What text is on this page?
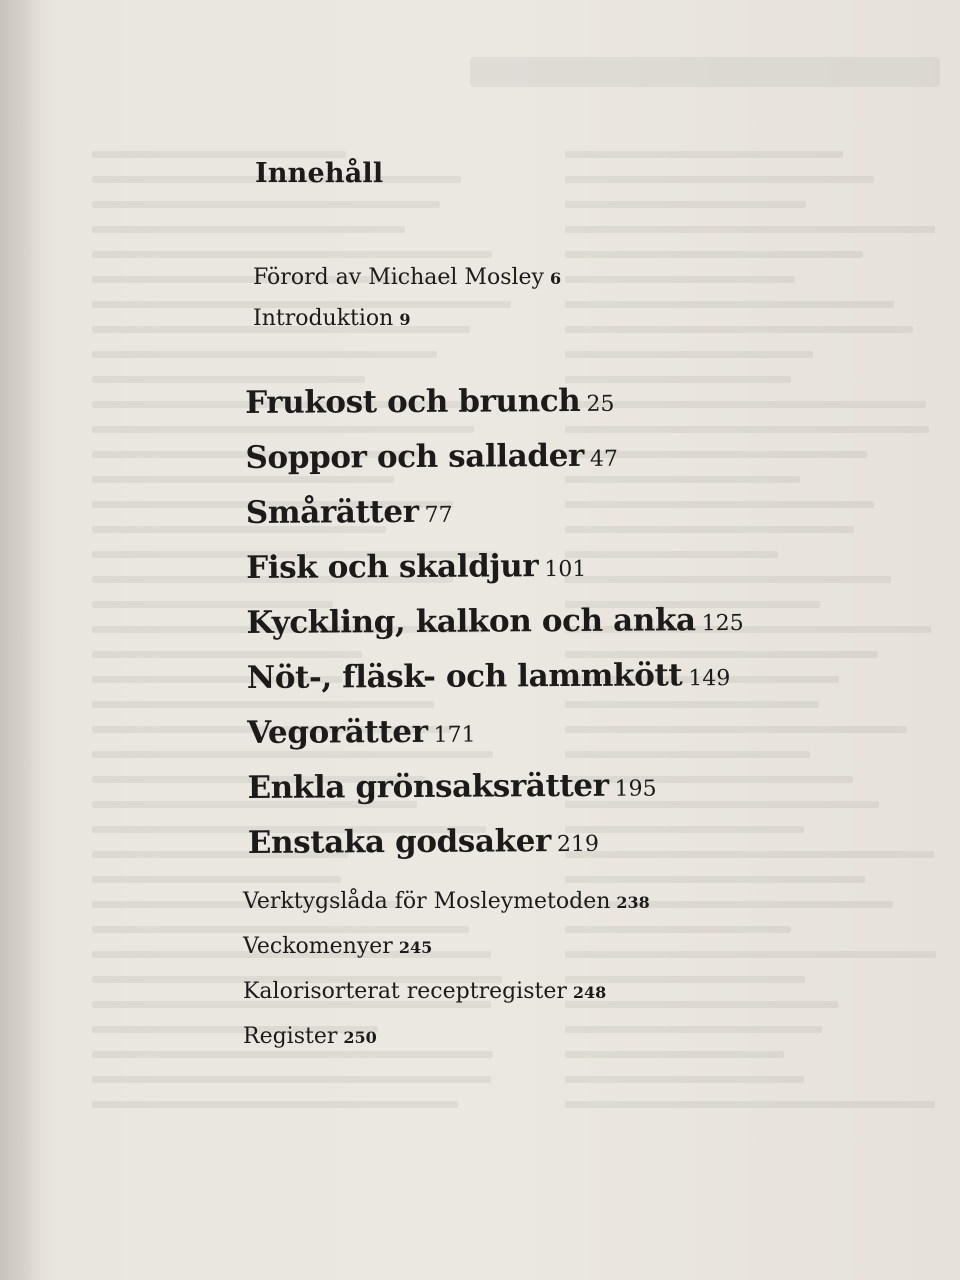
Innehåll
Förord av Michael Mosley 6
Introduktion 9
Frukost och brunch 25
Soppor och sallader 47
Smårätter 77
Fisk och skaldjur 101
Kyckling, kalkon och anka 125
Nöt-, fläsk- och lammkött 149
Vegorätter 171
Enkla grönsaksrätter 195
Enstaka godsaker 219
Verktygslåda för Mosleymetoden 238
Veckomenyer 245
Kalorisorterat receptregister 248
Register 250
